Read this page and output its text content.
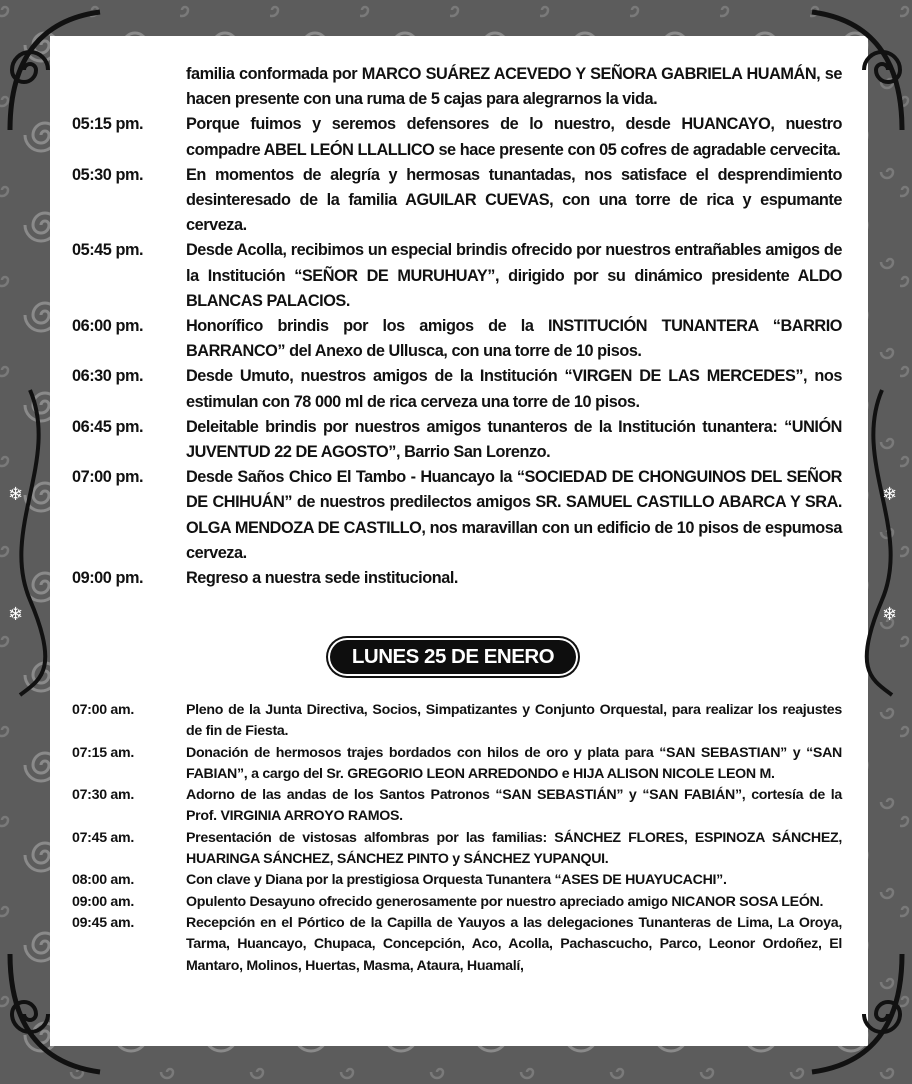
familia conformada por MARCO SUÁREZ ACEVEDO Y SEÑORA GABRIELA HUAMÁN, se hacen presente con una ruma de 5 cajas para alegrarnos la vida.
05:15 pm.	Porque fuimos y seremos defensores de lo nuestro, desde HUANCAYO, nuestro compadre ABEL LEÓN LLALLICO se hace presente con 05 cofres de agradable cervecita.
05:30 pm.	En momentos de alegría y hermosas tunantadas, nos satisface el desprendimiento desinteresado de la familia AGUILAR CUEVAS, con una torre de rica y espumante cerveza.
05:45 pm.	Desde Acolla, recibimos un especial brindis ofrecido por nuestros entrañables amigos de la Institución “SEÑOR DE MURUHUAY”, dirigido por su dinámico presidente ALDO BLANCAS PALACIOS.
06:00 pm.	Honorífico brindis por los amigos de la INSTITUCIÓN TUNANTERA “BARRIO BARRANCO” del Anexo de Ullusca, con una torre de 10 pisos.
06:30 pm.	Desde Umuto, nuestros amigos de la Institución “VIRGEN DE LAS MERCEDES”, nos estimulan con 78 000 ml de rica cerveza una torre de 10 pisos.
06:45 pm.	Deleitable brindis por nuestros amigos tunanteros de la Institución tunantera: “UNIÓN JUVENTUD 22 DE AGOSTO”, Barrio San Lorenzo.
07:00 pm.	Desde Saños Chico El Tambo - Huancayo la “SOCIEDAD DE CHONGUINOS DEL SEÑOR DE CHIHUÁN” de nuestros predilectos amigos SR. SAMUEL CASTILLO ABARCA Y SRA. OLGA MENDOZA DE CASTILLO, nos maravillan con un edificio de 10 pisos de espumosa cerveza.
09:00 pm.	Regreso a nuestra sede institucional.
LUNES 25 DE ENERO
07:00 am.	Pleno de la Junta Directiva, Socios, Simpatizantes y Conjunto Orquestal, para realizar los reajustes de fin de Fiesta.
07:15 am.	Donación de hermosos trajes bordados con hilos de oro y plata para “SAN SEBASTIAN” y “SAN FABIAN”, a cargo del Sr. GREGORIO LEON ARREDONDO e HIJA ALISON NICOLE LEON M.
07:30 am.	Adorno de las andas de los Santos Patronos “SAN SEBASTIÁN” y “SAN FABIÁN”, cortesía de la Prof. VIRGINIA ARROYO RAMOS.
07:45 am.	Presentación de vistosas alfombras por las familias: SÁNCHEZ FLORES, ESPINOZA SÁNCHEZ, HUARINGA SÁNCHEZ, SÁNCHEZ PINTO y SÁNCHEZ YUPANQUI.
08:00 am.	Con clave y Diana por la prestigiosa Orquesta Tunantera “ASES DE HUAYUCACHI”.
09:00 am.	Opulento Desayuno ofrecido generosamente por nuestro apreciado amigo NICANOR SOSA LEÓN.
09:45 am.	Recepción en el Pórtico de la Capilla de Yauyos a las delegaciones Tunanteras de Lima, La Oroya, Tarma, Huancayo, Chupaca, Concepción, Aco, Acolla, Pachascucho, Parco, Leonor Ordoñez, El Mantaro, Molinos, Huertas, Masma, Ataura, Huamalí,
❄	❄
❄	❄
❄
❄
❄
❄
